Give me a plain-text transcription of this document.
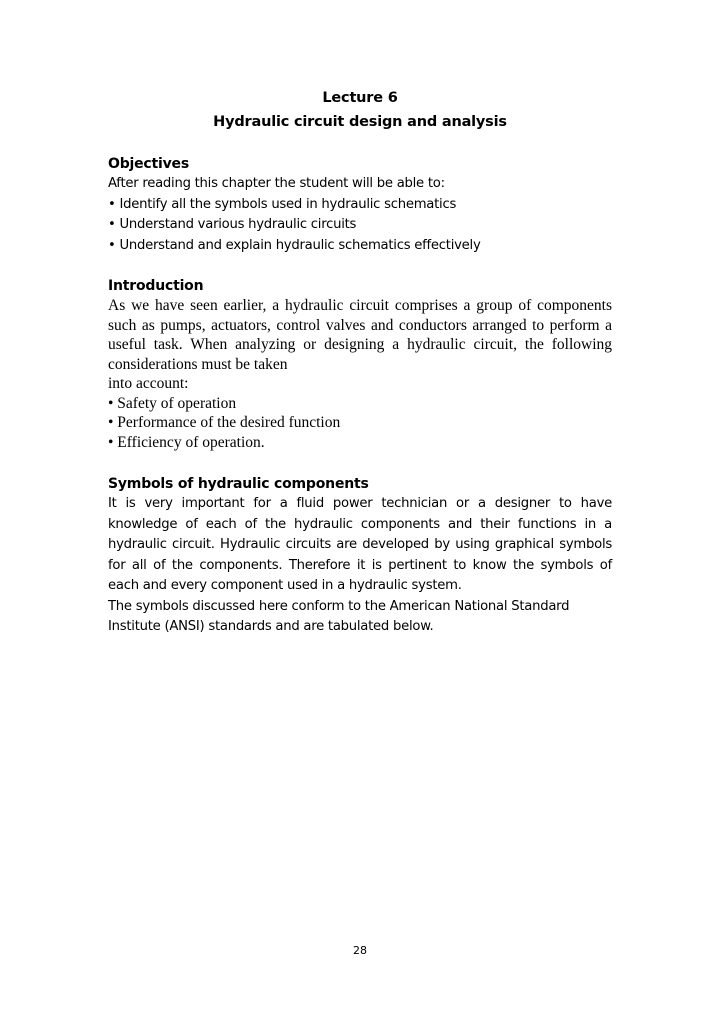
Lecture 6
Hydraulic circuit design and analysis
Objectives
After reading this chapter the student will be able to:
• Identify all the symbols used in hydraulic schematics
• Understand various hydraulic circuits
• Understand and explain hydraulic schematics effectively
Introduction
As we have seen earlier, a hydraulic circuit comprises a group of components such as pumps, actuators, control valves and conductors arranged to perform a useful task. When analyzing or designing a hydraulic circuit, the following considerations must be taken
into account:
• Safety of operation
• Performance of the desired function
• Efficiency of operation.
Symbols of hydraulic components
It is very important for a fluid power technician or a designer to have knowledge of each of the hydraulic components and their functions in a hydraulic circuit. Hydraulic circuits are developed by using graphical symbols for all of the components. Therefore it is pertinent to know the symbols of each and every component used in a hydraulic system.
The symbols discussed here conform to the American National Standard Institute (ANSI) standards and are tabulated below.
28
